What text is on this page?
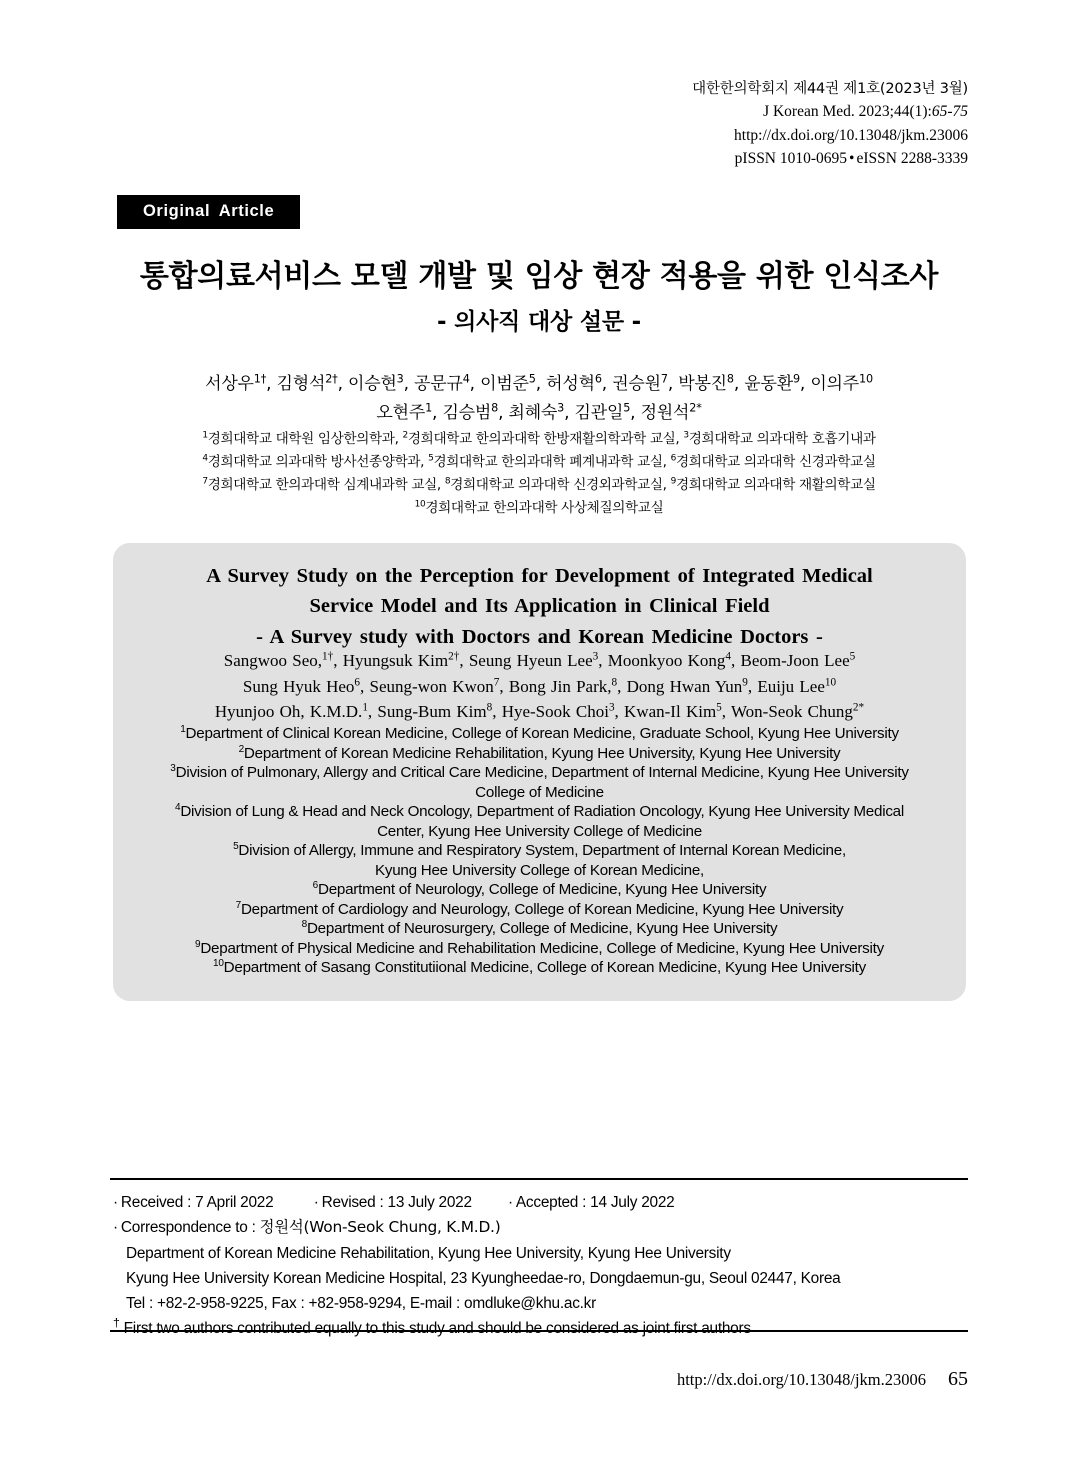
대한한의학회지 제44권 제1호(2023년 3월)
J Korean Med. 2023;44(1):65-75
http://dx.doi.org/10.13048/jkm.23006
pISSN 1010-0695 • eISSN 2288-3339
Original Article
통합의료서비스 모델 개발 및 임상 현장 적용을 위한 인식조사
- 의사직 대상 설문 -
서상우$^{1\dagger}$, 김형석$^{2\dagger}$, 이승현$^3$, 공문규$^4$, 이범준$^5$, 허성혁$^6$, 권승원$^7$, 박봉진$^8$, 윤동환$^9$, 이의주$^{10}$
오현주$^1$, 김승범$^8$, 최혜숙$^3$, 김관일$^5$, 정원석$^{2*}$
$^1$경희대학교 대학원 임상한의학과, $^2$경희대학교 한의과대학 한방재활의학과학 교실, $^3$경희대학교 의과대학 호흡기내과
$^4$경희대학교 의과대학 방사선종양학과, $^5$경희대학교 한의과대학 폐계내과학 교실, $^6$경희대학교 의과대학 신경과학교실
$^7$경희대학교 한의과대학 심계내과학 교실, $^8$경희대학교 의과대학 신경외과학교실, $^9$경희대학교 의과대학 재활의학교실
$^{10}$경희대학교 한의과대학 사상체질의학교실
A Survey Study on the Perception for Development of Integrated Medical
Service Model and Its Application in Clinical Field
- A Survey study with Doctors and Korean Medicine Doctors -
Sangwoo Seo,$^{1\dagger}$, Hyungsuk Kim$^{2\dagger}$, Seung Hyeun Lee$^3$, Moonkyoo Kong$^4$, Beom-Joon Lee$^5$
Sung Hyuk Heo$^6$, Seung-won Kwon$^7$, Bong Jin Park,$^8$, Dong Hwan Yun$^9$, Euiju Lee$^{10}$
Hyunjoo Oh, K.M.D.$^1$, Sung-Bum Kim$^8$, Hye-Sook Choi$^3$, Kwan-Il Kim$^5$, Won-Seok Chung$^{2*}$
$^1$Department of Clinical Korean Medicine, College of Korean Medicine, Graduate School, Kyung Hee University
$^2$Department of Korean Medicine Rehabilitation, Kyung Hee University, Kyung Hee University
$^3$Division of Pulmonary, Allergy and Critical Care Medicine, Department of Internal Medicine, Kyung Hee University
College of Medicine
$^4$Division of Lung & Head and Neck Oncology, Department of Radiation Oncology, Kyung Hee University Medical
Center, Kyung Hee University College of Medicine
$^5$Division of Allergy, Immune and Respiratory System, Department of Internal Korean Medicine,
Kyung Hee University College of Korean Medicine,
$^6$Department of Neurology, College of Medicine, Kyung Hee University
$^7$Department of Cardiology and Neurology, College of Korean Medicine, Kyung Hee University
$^8$Department of Neurosurgery, College of Medicine, Kyung Hee University
$^9$Department of Physical Medicine and Rehabilitation Medicine, College of Medicine, Kyung Hee University
$^{10}$Department of Sasang Constitutiional Medicine, College of Korean Medicine, Kyung Hee University
· Received : 7 April 2022	· Revised : 13 July 2022 · Accepted : 14 July 2022
· Correspondence to : 정원석(Won-Seok Chung, K.M.D.)
Department of Korean Medicine Rehabilitation, Kyung Hee University, Kyung Hee University
Kyung Hee University Korean Medicine Hospital, 23 Kyungheedae-ro, Dongdaemun-gu, Seoul 02447, Korea
Tel : +82-2-958-9225, Fax : +82-958-9294, E-mail : omdluke@khu.ac.kr
† First two authors contributed equally to this study and should be considered as joint first authors
http://dx.doi.org/10.13048/jkm.23006 65
